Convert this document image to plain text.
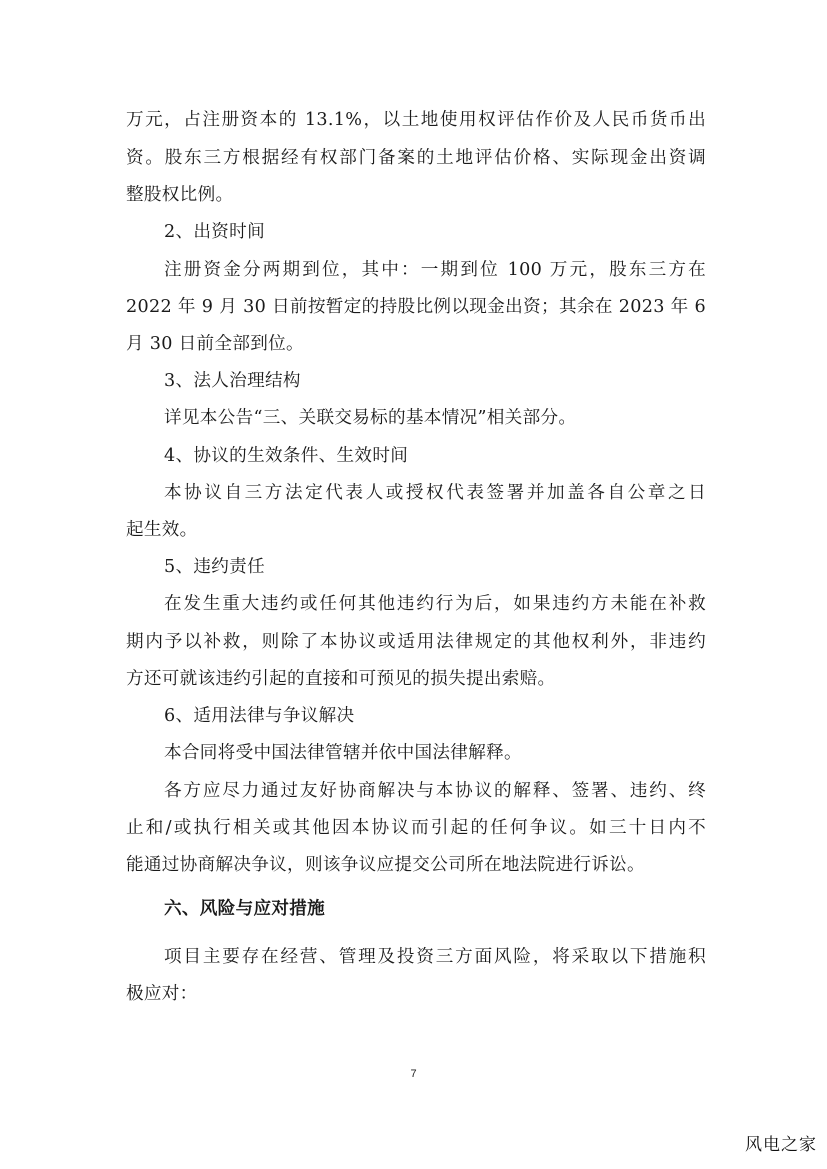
万元，占注册资本的 13.1%，以土地使用权评估作价及人民币货币出
资。股东三方根据经有权部门备案的土地评估价格、实际现金出资调
整股权比例。
2、出资时间
注册资金分两期到位，其中：一期到位 100 万元，股东三方在
2022 年 9 月 30 日前按暂定的持股比例以现金出资；其余在 2023 年 6
月 30 日前全部到位。
3、法人治理结构
详见本公告“三、关联交易标的基本情况”相关部分。
4、协议的生效条件、生效时间
本协议自三方法定代表人或授权代表签署并加盖各自公章之日
起生效。
5、违约责任
在发生重大违约或任何其他违约行为后，如果违约方未能在补救
期内予以补救，则除了本协议或适用法律规定的其他权利外，非违约
方还可就该违约引起的直接和可预见的损失提出索赔。
6、适用法律与争议解决
本合同将受中国法律管辖并依中国法律解释。
各方应尽力通过友好协商解决与本协议的解释、签署、违约、终
止和/或执行相关或其他因本协议而引起的任何争议。如三十日内不
能通过协商解决争议，则该争议应提交公司所在地法院进行诉讼。
六、风险与应对措施
项目主要存在经营、管理及投资三方面风险，将采取以下措施积
极应对：
7
风电之家
